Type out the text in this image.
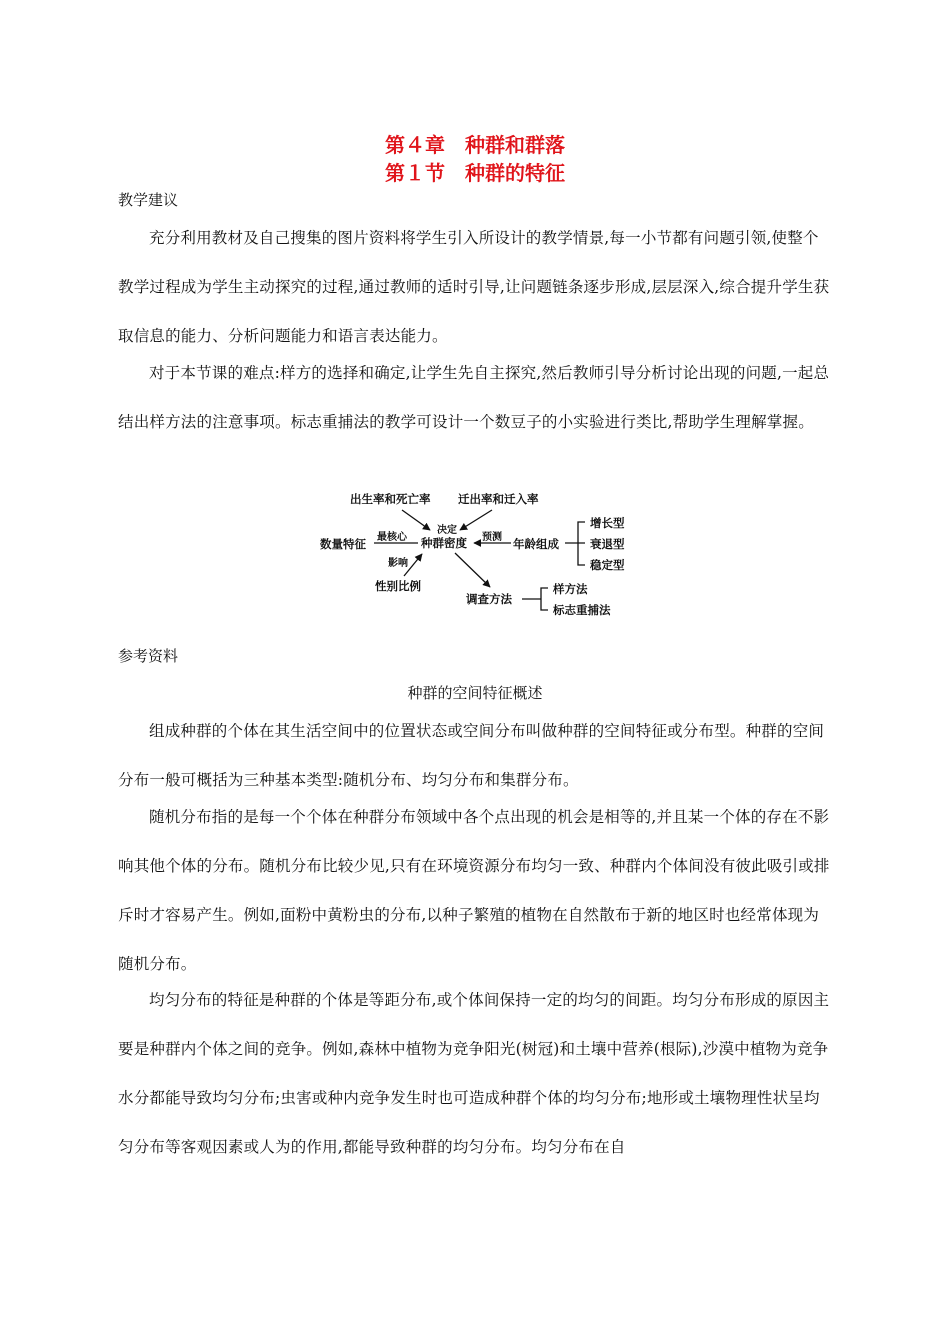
第４章　种群和群落
第１节　种群的特征

教学建议

充分利用教材及自己搜集的图片资料将学生引入所设计的教学情景,每一小节都有问题引领,使整个教学过程成为学生主动探究的过程,通过教师的适时引导,让问题链条逐步形成,层层深入,综合提升学生获取信息的能力、分析问题能力和语言表达能力。

对于本节课的难点:样方的选择和确定,让学生先自主探究,然后教师引导分析讨论出现的问题,一起总结出样方法的注意事项。标志重捕法的教学可设计一个数豆子的小实验进行类比,帮助学生理解掌握。

出生率和死亡率 迁出率和迁入率
决定
数量特征 最核心 种群密度 预测 年龄组成
增长型
衰退型
稳定型
影响
性别比例
调查方法
样方法
标志重捕法

参考资料

种群的空间特征概述

组成种群的个体在其生活空间中的位置状态或空间分布叫做种群的空间特征或分布型。种群的空间分布一般可概括为三种基本类型:随机分布、均匀分布和集群分布。

随机分布指的是每一个个体在种群分布领域中各个点出现的机会是相等的,并且某一个体的存在不影响其他个体的分布。随机分布比较少见,只有在环境资源分布均匀一致、种群内个体间没有彼此吸引或排斥时才容易产生。例如,面粉中黄粉虫的分布,以种子繁殖的植物在自然散布于新的地区时也经常体现为随机分布。

均匀分布的特征是种群的个体是等距分布,或个体间保持一定的均匀的间距。均匀分布形成的原因主要是种群内个体之间的竞争。例如,森林中植物为竞争阳光(树冠)和土壤中营养(根际),沙漠中植物为竞争水分都能导致均匀分布;虫害或种内竞争发生时也可造成种群个体的均匀分布;地形或土壤物理性状呈均匀分布等客观因素或人为的作用,都能导致种群的均匀分布。均匀分布在自
